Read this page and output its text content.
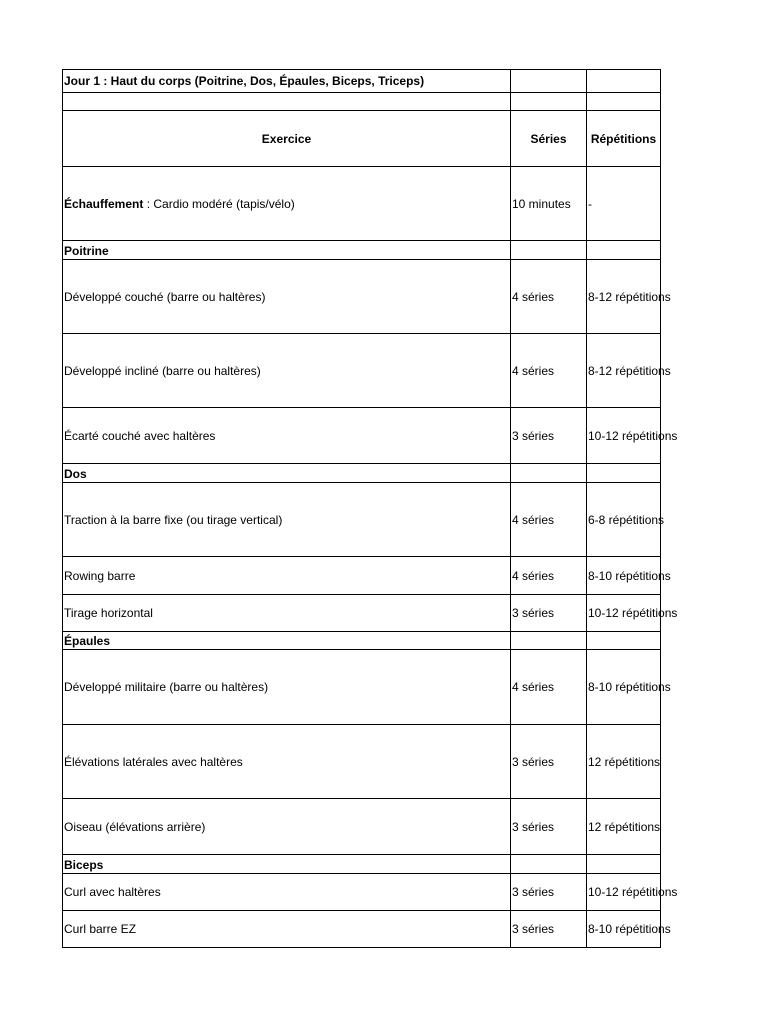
Jour 1 : Haut du corps (Poitrine, Dos, Épaules, Biceps, Triceps)		

Exercice	Séries	Répétitions
Échauffement : Cardio modéré (tapis/vélo)	10 minutes	-
Poitrine		
Développé couché (barre ou haltères)	4 séries	8-12 répétitions
Développé incliné (barre ou haltères)	4 séries	8-12 répétitions
Écarté couché avec haltères	3 séries	10-12 répétitions
Dos		
Traction à la barre fixe (ou tirage vertical)	4 séries	6-8 répétitions
Rowing barre	4 séries	8-10 répétitions
Tirage horizontal	3 séries	10-12 répétitions
Épaules		
Développé militaire (barre ou haltères)	4 séries	8-10 répétitions
Élévations latérales avec haltères	3 séries	12 répétitions
Oiseau (élévations arrière)	3 séries	12 répétitions
Biceps		
Curl avec haltères	3 séries	10-12 répétitions
Curl barre EZ	3 séries	8-10 répétitions
